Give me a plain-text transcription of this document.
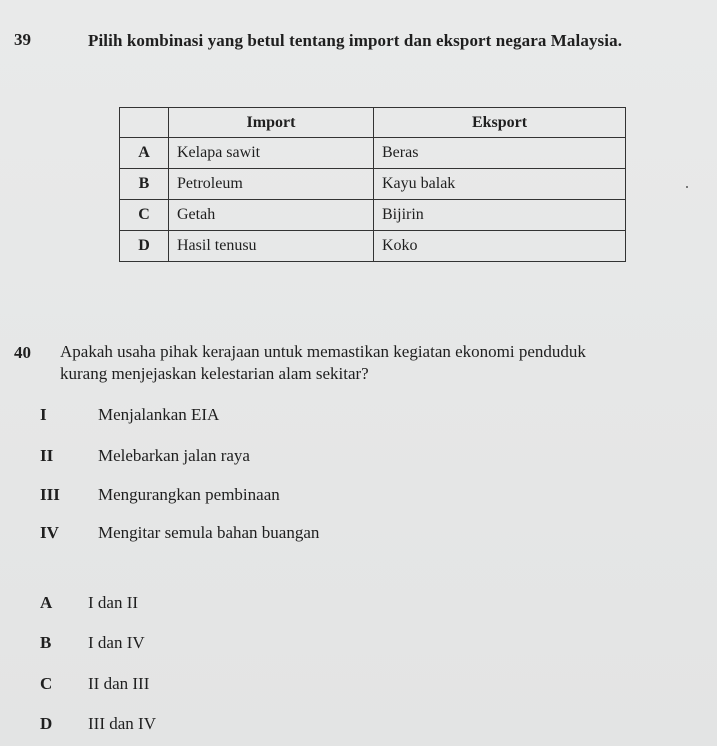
39	Pilih kombinasi yang betul tentang import dan eksport negara Malaysia.
	Import	Eksport
A	Kelapa sawit	Beras
B	Petroleum	Kayu balak
C	Getah	Bijirin
D	Hasil tenusu	Koko
40 Apakah usaha pihak kerajaan untuk memastikan kegiatan ekonomi penduduk
kurang menjejaskan kelestarian alam sekitar?
I	Menjalankan EIA
II	Melebarkan jalan raya
III Mengurangkan pembinaan
IV Mengitar semula bahan buangan
A I dan II
B I dan IV
C II dan III
D III dan IV
